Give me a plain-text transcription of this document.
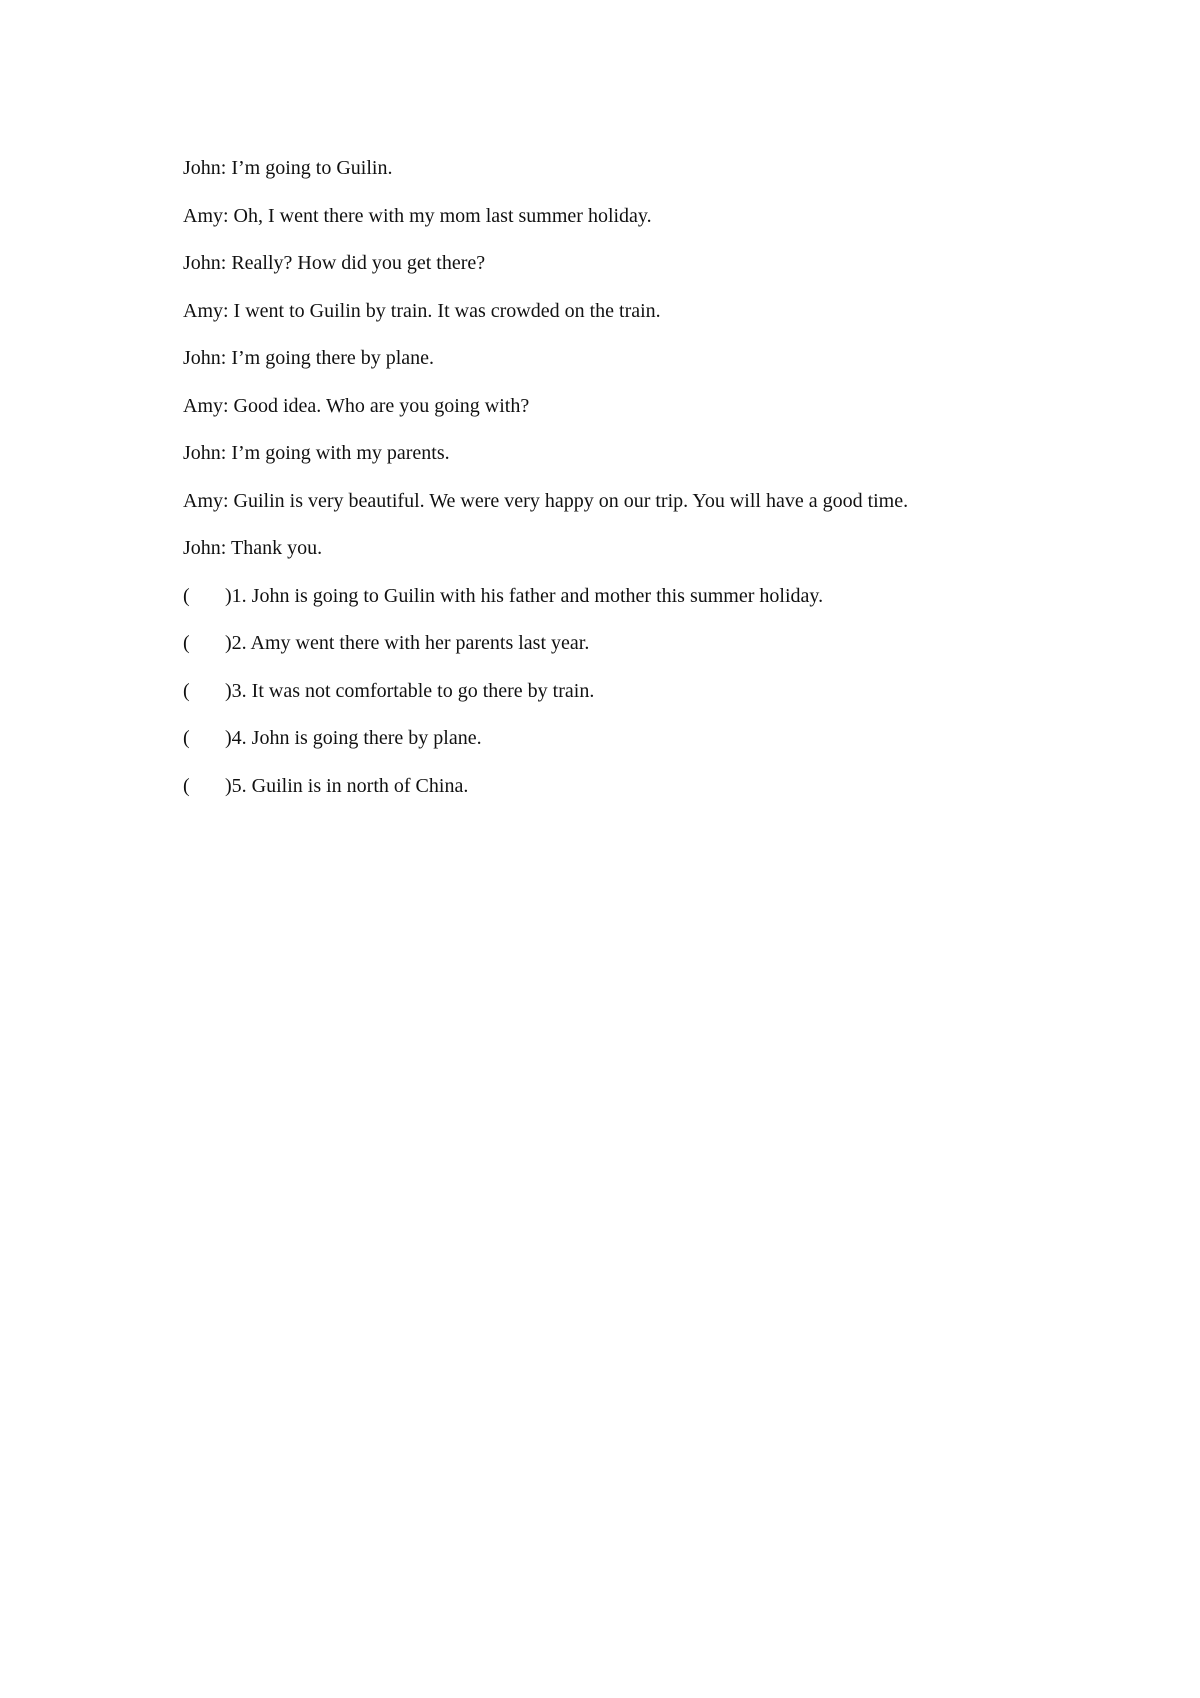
John: I’m going to Guilin.
Amy: Oh, I went there with my mom last summer holiday.
John: Really? How did you get there?
Amy: I went to Guilin by train. It was crowded on the train.
John: I’m going there by plane.
Amy: Good idea. Who are you going with?
John: I’m going with my parents.
Amy: Guilin is very beautiful. We were very happy on our trip. You will have a good time.
John: Thank you.
(	)1. John is going to Guilin with his father and mother this summer holiday.
(	)2. Amy went there with her parents last year.
(	)3. It was not comfortable to go there by train.
(	)4. John is going there by plane.
(	)5. Guilin is in north of China.
